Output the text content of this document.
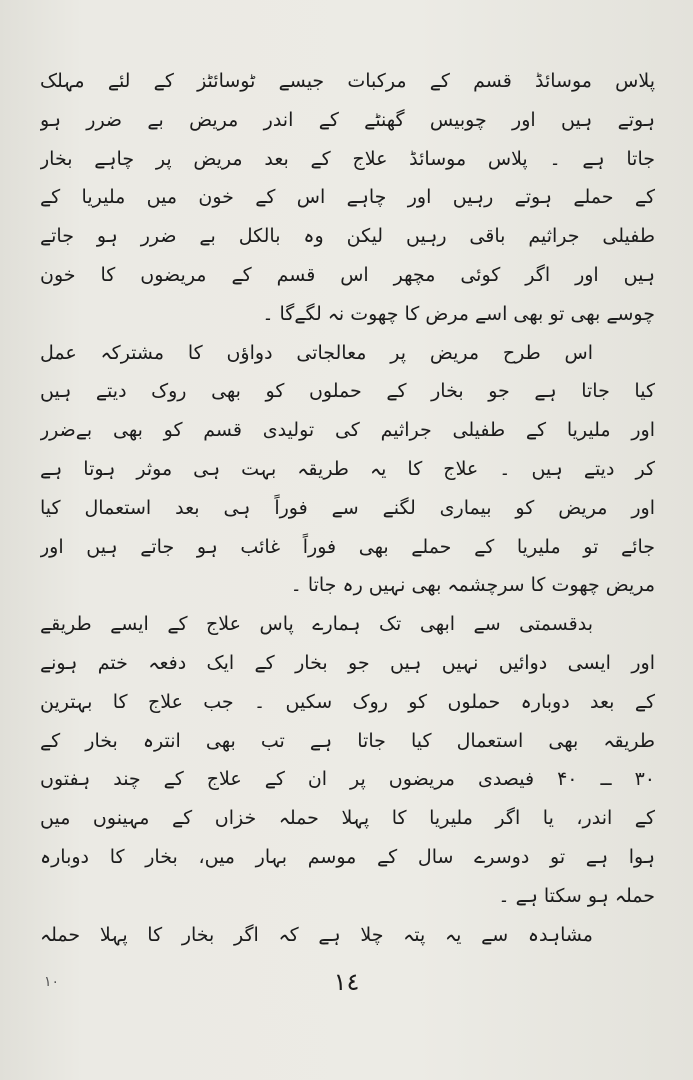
پلاس موسائڈ قسم کے مرکبات جیسے ٹوسائٹز کے لئے مہلک
ہوتے ہیں اور چوبیس گھنٹے کے اندر مریض بے ضرر ہو
جاتا ہے ۔ پلاس موسائڈ علاج کے بعد مریض پر چاہے بخار
کے حملے ہوتے رہیں اور چاہے اس کے خون میں ملیریا کے
طفیلی جراثیم باقی رہیں لیکن وہ بالکل بے ضرر ہو جاتے
ہیں اور اگر کوئی مچھر اس قسم کے مریضوں کا خون
چوسے بھی تو بھی اسے مرض کا چھوت نہ لگےگا ۔
اس طرح مریض پر معالجاتی دواؤں کا مشترکہ عمل
کیا جاتا ہے جو بخار کے حملوں کو بھی روک دیتے ہیں
اور ملیریا کے طفیلی جراثیم کی تولیدی قسم کو بھی بےضرر
کر دیتے ہیں ۔ علاج کا یہ طریقہ بہت ہی موثر ہوتا ہے
اور مریض کو بیماری لگنے سے فوراً ہی بعد استعمال کیا
جائے تو ملیریا کے حملے بھی فوراً غائب ہو جاتے ہیں اور
مریض چھوت کا سرچشمہ بھی نہیں رہ جاتا ۔
بدقسمتی سے ابھی تک ہمارے پاس علاج کے ایسے طریقے
اور ایسی دوائیں نہیں ہیں جو بخار کے ایک دفعہ ختم ہونے
کے بعد دوبارہ حملوں کو روک سکیں ۔ جب علاج کا بہترین
طریقہ بھی استعمال کیا جاتا ہے تب بھی انترہ بخار کے
۳۰ ــ ۴۰ فیصدی مریضوں پر ان کے علاج کے چند ہفتوں
کے اندر، یا اگر ملیریا کا پہلا حملہ خزاں کے مہینوں میں
ہوا ہے تو دوسرے سال کے موسم بہار میں، بخار کا دوبارہ
حملہ ہو سکتا ہے ۔
مشاہدہ سے یہ پتہ چلا ہے کہ اگر بخار کا پہلا حملہ
١٠	١٤
